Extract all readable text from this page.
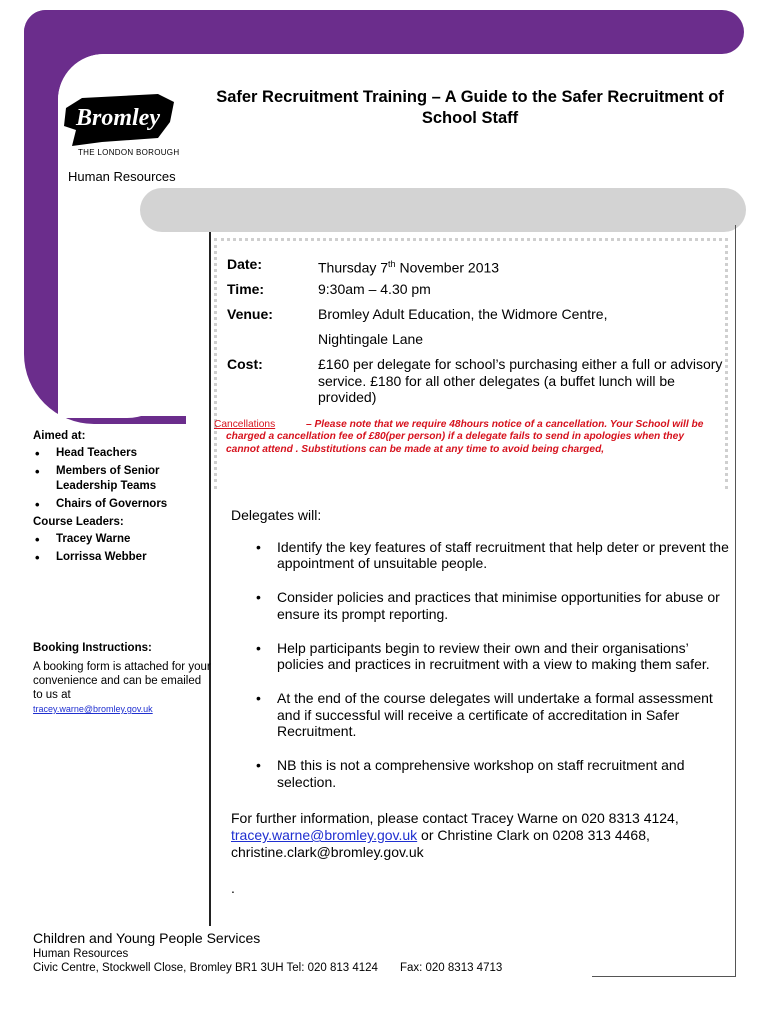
Bromley
THE LONDON BOROUGH
Human Resources
Safer Recruitment Training – A Guide to the Safer Recruitment of School Staff
Date:	Thursday 7th November 2013
Time:	9:30am – 4.30 pm
Venue:	Bromley Adult Education, the Widmore Centre,
Nightingale Lane
Cost:	£160 per delegate for school’s purchasing either a full or advisory service. £180 for all other delegates (a buffet lunch will be provided)
Cancellations	– Please note that we require 48hours notice of a cancellation. Your School will be charged a cancellation fee of £80(per person) if a delegate fails to send in apologies when they cannot attend . Substitutions can be made at any time to avoid being charged,
Aimed at:
• Head Teachers
• Members of Senior Leadership Teams
• Chairs of Governors
Course Leaders:
• Tracey Warne
• Lorrissa Webber
Booking Instructions:
A booking form is attached for your convenience and can be emailed to us at
tracey.warne@bromley.gov.uk
Delegates will:
• Identify the key features of staff recruitment that help deter or prevent the appointment of unsuitable people.
• Consider policies and practices that minimise opportunities for abuse or ensure its prompt reporting.
• Help participants begin to review their own and their organisations’ policies and practices in recruitment with a view to making them safer.
• At the end of the course delegates will undertake a formal assessment and if successful will receive a certificate of accreditation in Safer Recruitment.
• NB this is not a comprehensive workshop on staff recruitment and selection.
For further information, please contact Tracey Warne on 020 8313 4124, tracey.warne@bromley.gov.uk or Christine Clark on 0208 313 4468, christine.clark@bromley.gov.uk
.
Children and Young People Services
Human Resources
Civic Centre, Stockwell Close, Bromley BR1 3UH Tel: 020 813 4124 Fax: 020 8313 4713
